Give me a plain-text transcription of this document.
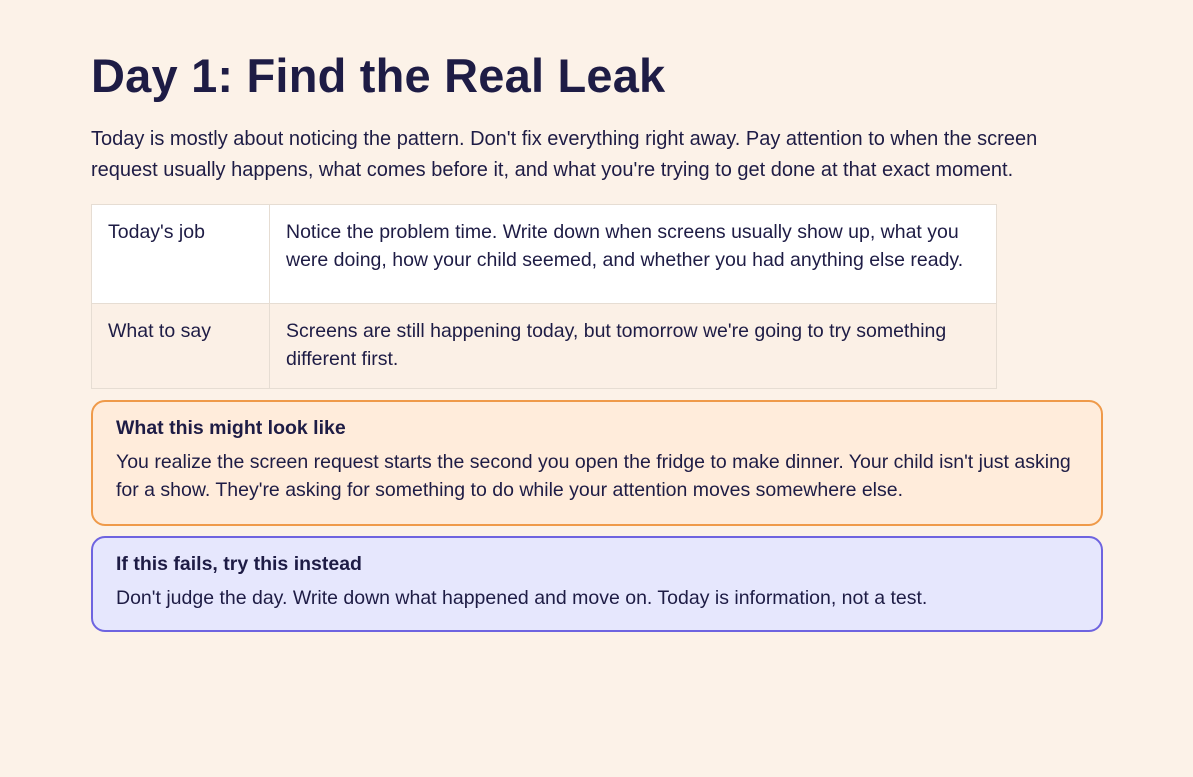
Day 1: Find the Real Leak

Today is mostly about noticing the pattern. Don't fix everything right away. Pay attention to when the screen request usually happens, what comes before it, and what you're trying to get done at that exact moment.

Today's job	Notice the problem time. Write down when screens usually show up, what you were doing, how your child seemed, and whether you had anything else ready.
What to say	Screens are still happening today, but tomorrow we're going to try something different first.

What this might look like

You realize the screen request starts the second you open the fridge to make dinner. Your child isn't just asking for a show. They're asking for something to do while your attention moves somewhere else.

If this fails, try this instead

Don't judge the day. Write down what happened and move on. Today is information, not a test.
